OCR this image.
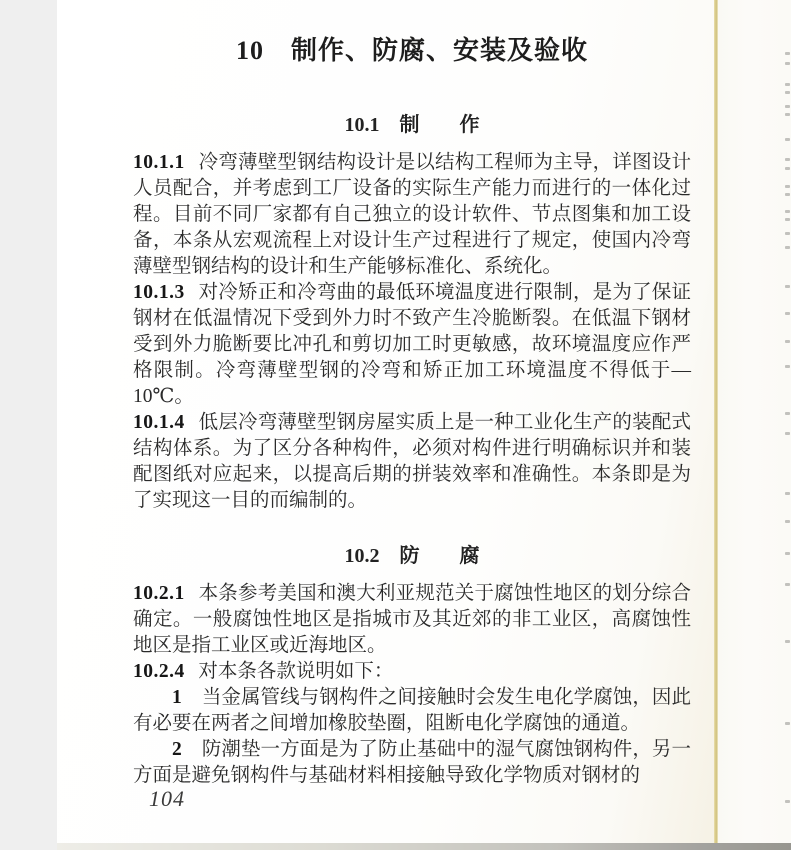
10　制作、防腐、安装及验收
10.1　制　　作

10.1.1 冷弯薄壁型钢结构设计是以结构工程师为主导，详图设计人员配合，并考虑到工厂设备的实际生产能力而进行的一体化过程。目前不同厂家都有自己独立的设计软件、节点图集和加工设备，本条从宏观流程上对设计生产过程进行了规定，使国内冷弯薄壁型钢结构的设计和生产能够标准化、系统化。

10.1.3 对冷矫正和冷弯曲的最低环境温度进行限制，是为了保证钢材在低温情况下受到外力时不致产生冷脆断裂。在低温下钢材受到外力脆断要比冲孔和剪切加工时更敏感，故环境温度应作严格限制。冷弯薄壁型钢的冷弯和矫正加工环境温度不得低于—10℃。

10.1.4 低层冷弯薄壁型钢房屋实质上是一种工业化生产的装配式结构体系。为了区分各种构件，必须对构件进行明确标识并和装配图纸对应起来，以提高后期的拼装效率和准确性。本条即是为了实现这一目的而编制的。

10.2　防　　腐

10.2.1 本条参考美国和澳大利亚规范关于腐蚀性地区的划分综合确定。一般腐蚀性地区是指城市及其近郊的非工业区，高腐蚀性地区是指工业区或近海地区。

10.2.4 对本条各款说明如下：

1 当金属管线与钢构件之间接触时会发生电化学腐蚀，因此有必要在两者之间增加橡胶垫圈，阻断电化学腐蚀的通道。

2 防潮垫一方面是为了防止基础中的湿气腐蚀钢构件，另一方面是避免钢构件与基础材料相接触导致化学物质对钢材的

104
